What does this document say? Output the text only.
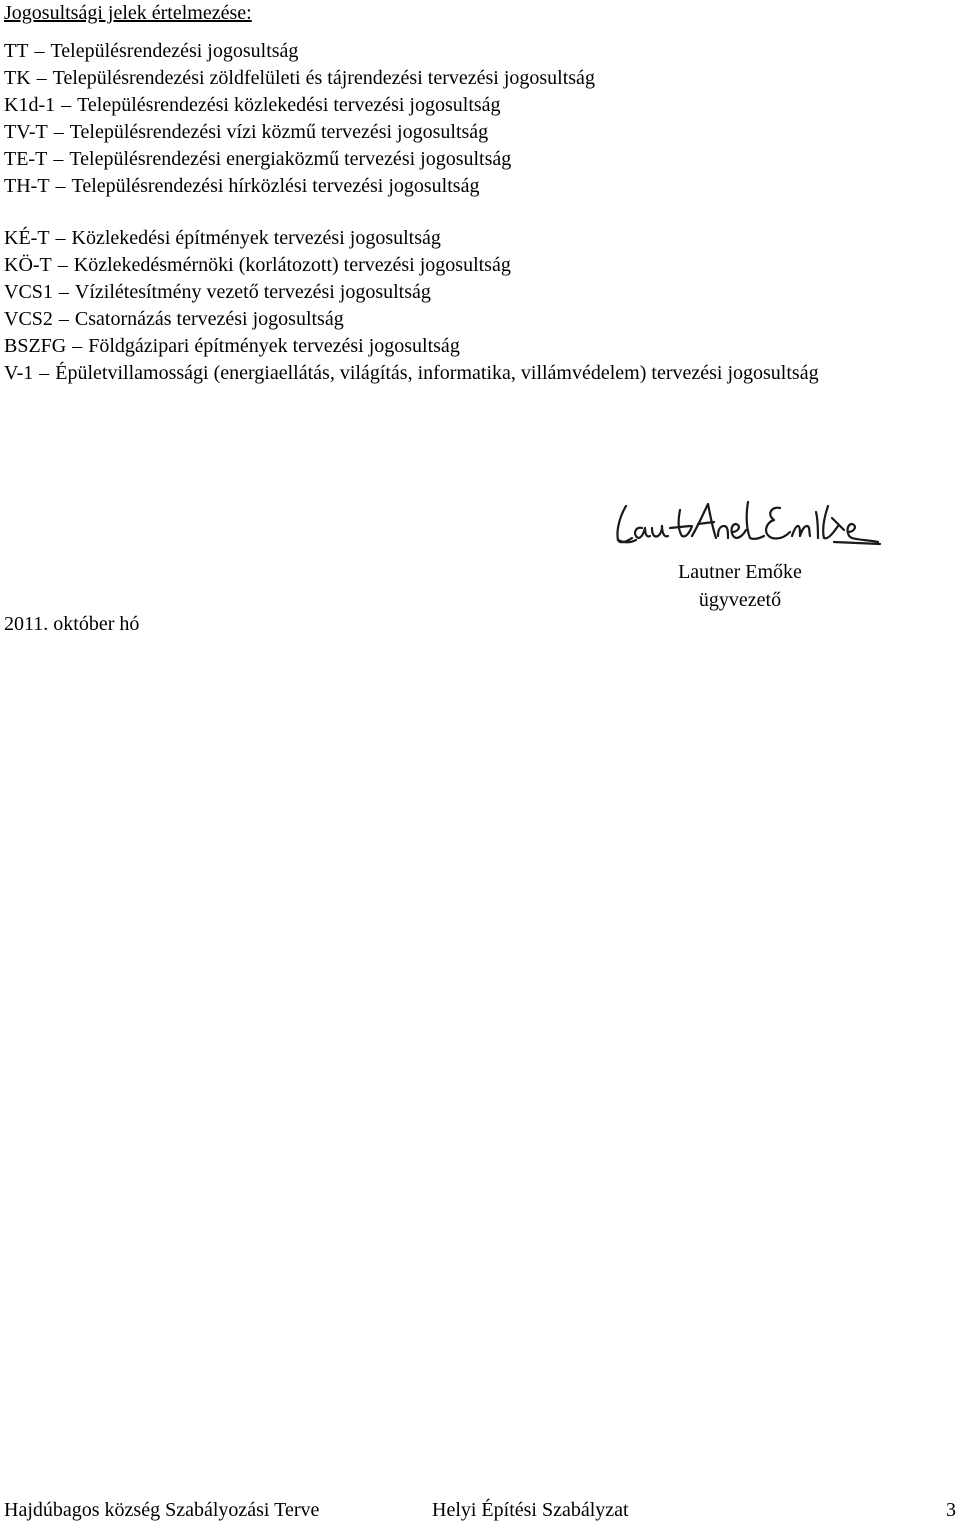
Jogosultsági jelek értelmezése:
TT – Településrendezési jogosultság
TK – Településrendezési zöldfelületi és tájrendezési tervezési jogosultság
K1d-1 – Településrendezési közlekedési tervezési jogosultság
TV-T – Településrendezési vízi közmű tervezési jogosultság
TE-T – Településrendezési energiaközmű tervezési jogosultság
TH-T – Településrendezési hírközlési tervezési jogosultság
KÉ-T – Közlekedési építmények tervezési jogosultság
KÖ-T – Közlekedésmérnöki (korlátozott) tervezési jogosultság
VCS1 – Vízilétesítmény vezető tervezési jogosultság
VCS2 – Csatornázás tervezési jogosultság
BSZFG – Földgázipari építmények tervezési jogosultság
V-1 – Épületvillamossági (energiaellátás, világítás, informatika, villámvédelem) tervezési jogosultság
Lautner Emőke
ügyvezető
2011. október hó
Hajdúbagos község Szabályozási Terve	Helyi Építési Szabályzat	3
